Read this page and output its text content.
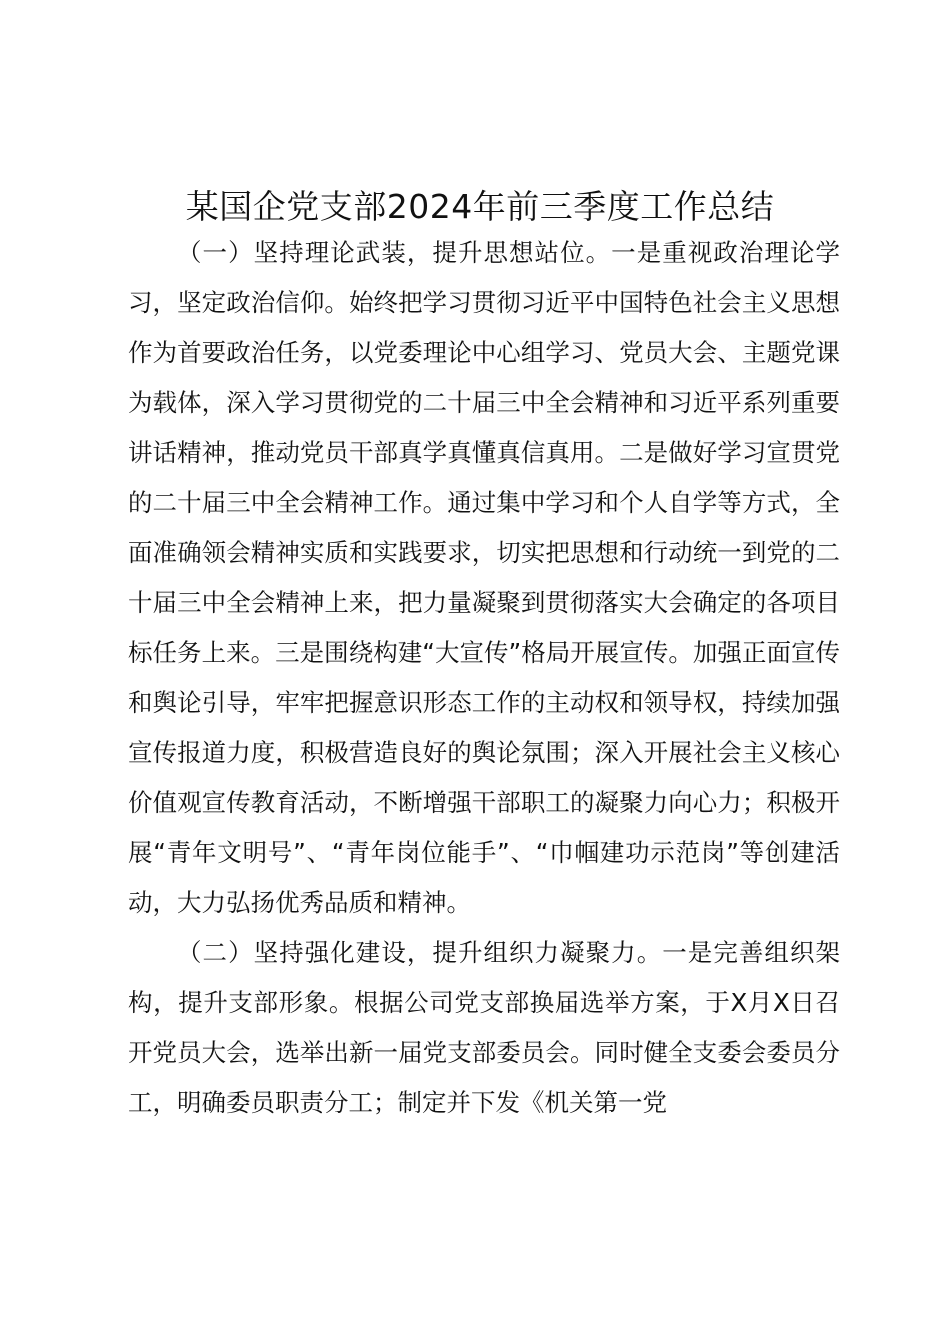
某国企党支部2024年前三季度工作总结

（一）坚持理论武装，提升思想站位。一是重视政治理论学习，坚定政治信仰。始终把学习贯彻习近平中国特色社会主义思想作为首要政治任务，以党委理论中心组学习、党员大会、主题党课为载体，深入学习贯彻党的二十届三中全会精神和习近平系列重要讲话精神，推动党员干部真学真懂真信真用。二是做好学习宣贯党的二十届三中全会精神工作。通过集中学习和个人自学等方式，全面准确领会精神实质和实践要求，切实把思想和行动统一到党的二十届三中全会精神上来，把力量凝聚到贯彻落实大会确定的各项目标任务上来。三是围绕构建“大宣传”格局开展宣传。加强正面宣传和舆论引导，牢牢把握意识形态工作的主动权和领导权，持续加强宣传报道力度，积极营造良好的舆论氛围；深入开展社会主义核心价值观宣传教育活动，不断增强干部职工的凝聚力向心力；积极开展“青年文明号”、“青年岗位能手”、“巾帼建功示范岗”等创建活动，大力弘扬优秀品质和精神。

（二）坚持强化建设，提升组织力凝聚力。一是完善组织架构，提升支部形象。根据公司党支部换届选举方案，于X月X日召开党员大会，选举出新一届党支部委员会。同时健全支委会委员分工，明确委员职责分工；制定并下发《机关第一党
